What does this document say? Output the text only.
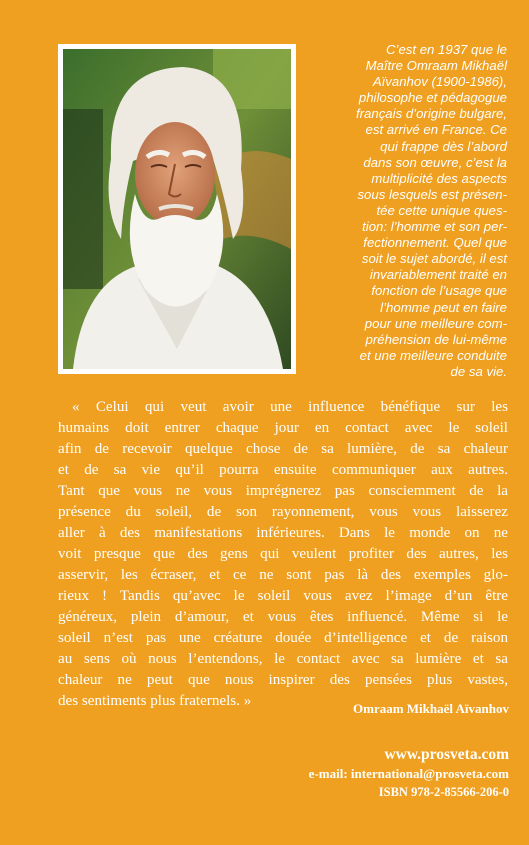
C’est en 1937 que le
Maître Omraam Mikhaël
Aïvanhov (1900-1986),
philosophe et pédagogue
français d’origine bulgare,
est arrivé en France. Ce
qui frappe dès l’abord
dans son œuvre, c’est la
multiplicité des aspects
sous lesquels est présen-
tée cette unique ques-
tion: l’homme et son per-
fectionnement. Quel que
soit le sujet abordé, il est
invariablement traité en
fonction de l’usage que
l’homme peut en faire
pour une meilleure com-
préhension de lui-même
et une meilleure conduite
de sa vie.
« Celui qui veut avoir une influence bénéfique sur les
humains doit entrer chaque jour en contact avec le soleil
afin de recevoir quelque chose de sa lumière, de sa chaleur
et de sa vie qu’il pourra ensuite communiquer aux autres.
Tant que vous ne vous imprégnerez pas consciemment de la
présence du soleil, de son rayonnement, vous vous laisserez
aller à des manifestations inférieures. Dans le monde on ne
voit presque que des gens qui veulent profiter des autres, les
asservir, les écraser, et ce ne sont pas là des exemples glo-
rieux ! Tandis qu’avec le soleil vous avez l’image d’un être
généreux, plein d’amour, et vous êtes influencé. Même si le
soleil n’est pas une créature douée d’intelligence et de raison
au sens où nous l’entendons, le contact avec sa lumière et sa
chaleur ne peut que nous inspirer des pensées plus vastes,
des sentiments plus fraternels. »	Omraam Mikhaël Aïvanhov

www.prosveta.com
e-mail: international@prosveta.com
ISBN 978-2-85566-206-0
